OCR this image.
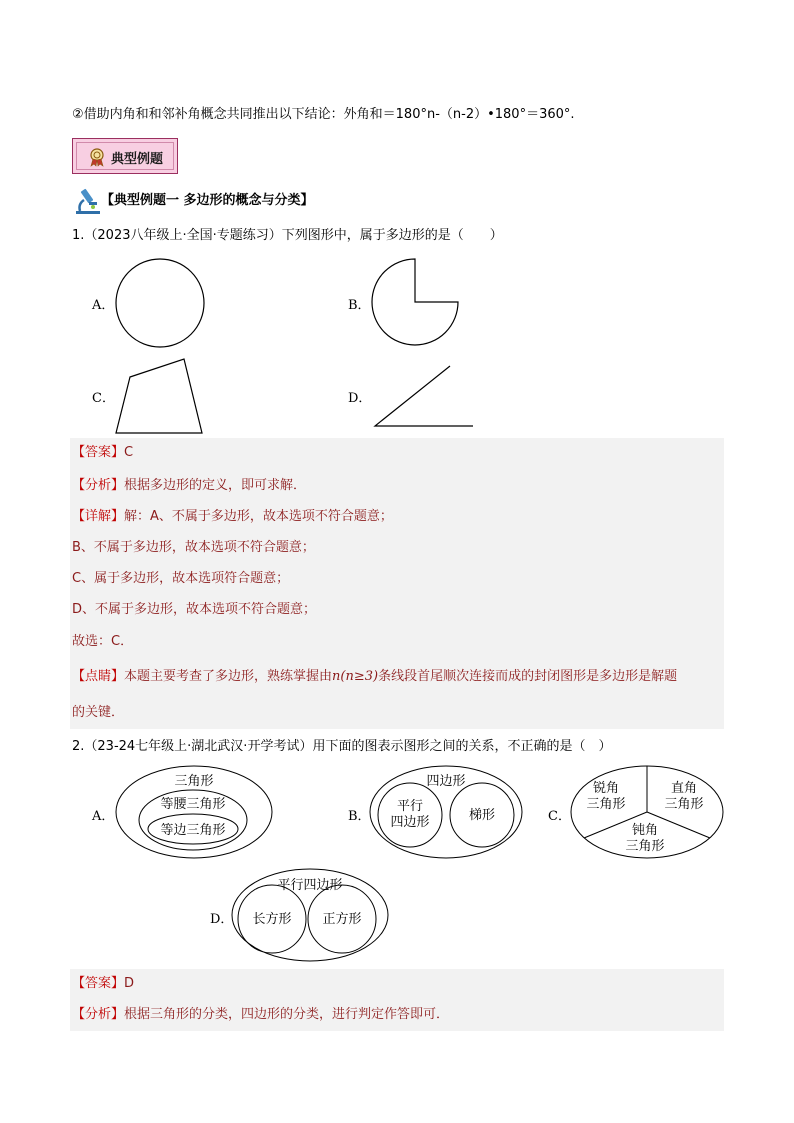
②借助内角和和邻补角概念共同推出以下结论：外角和＝180°n-（n-2）•180°＝360°.
典型例题
【典型例题一 多边形的概念与分类】
1.（2023八年级上·全国·专题练习）下列图形中，属于多边形的是（　　）
A．	B．
C．	D．
【答案】C
【分析】根据多边形的定义，即可求解．
【详解】解：A、不属于多边形，故本选项不符合题意；
B、不属于多边形，故本选项不符合题意；
C、属于多边形，故本选项符合题意；
D、不属于多边形，故本选项不符合题意；
故选：C．
【点睛】本题主要考查了多边形，熟练掌握由n(n≥3)条线段首尾顺次连接而成的封闭图形是多边形是解题
的关键．
2.（23-24七年级上·湖北武汉·开学考试）用下面的图表示图形之间的关系，不正确的是（　）
A．
三角形
等腰三角形
等边三角形
B．
四边形
平行
四边形	梯形	C．
锐角
三角形
直角
三角形
钝角
三角形
D．
平行四边形
长方形 正方形
【答案】D
【分析】根据三角形的分类，四边形的分类，进行判定作答即可．
